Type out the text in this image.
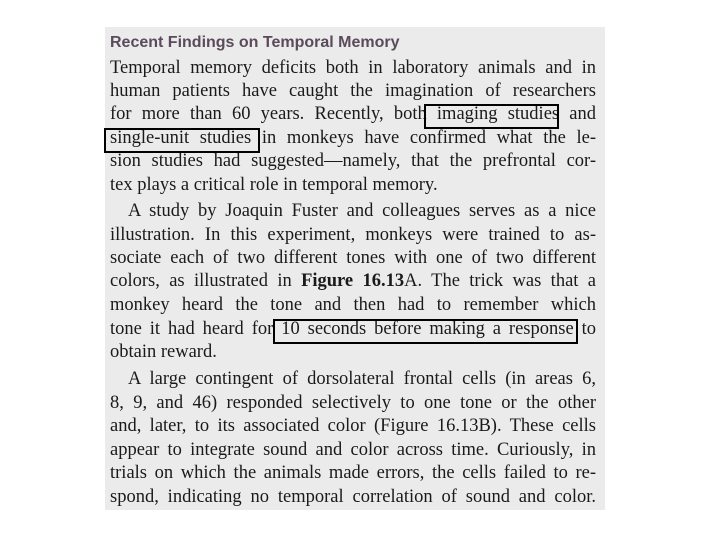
Recent Findings on Temporal Memory
Temporal memory deficits both in laboratory animals and in
human patients have caught the imagination of researchers
for more than 60 years. Recently, both imaging studies and
single-unit studies in monkeys have confirmed what the le-
sion studies had suggested—namely, that the prefrontal cor-
tex plays a critical role in temporal memory.
A study by Joaquin Fuster and colleagues serves as a nice
illustration. In this experiment, monkeys were trained to as-
sociate each of two different tones with one of two different
colors, as illustrated in Figure 16.13A. The trick was that a
monkey heard the tone and then had to remember which
tone it had heard for 10 seconds before making a response to
obtain reward.
A large contingent of dorsolateral frontal cells (in areas 6,
8, 9, and 46) responded selectively to one tone or the other
and, later, to its associated color (Figure 16.13B). These cells
appear to integrate sound and color across time. Curiously, in
trials on which the animals made errors, the cells failed to re-
spond, indicating no temporal correlation of sound and color.
